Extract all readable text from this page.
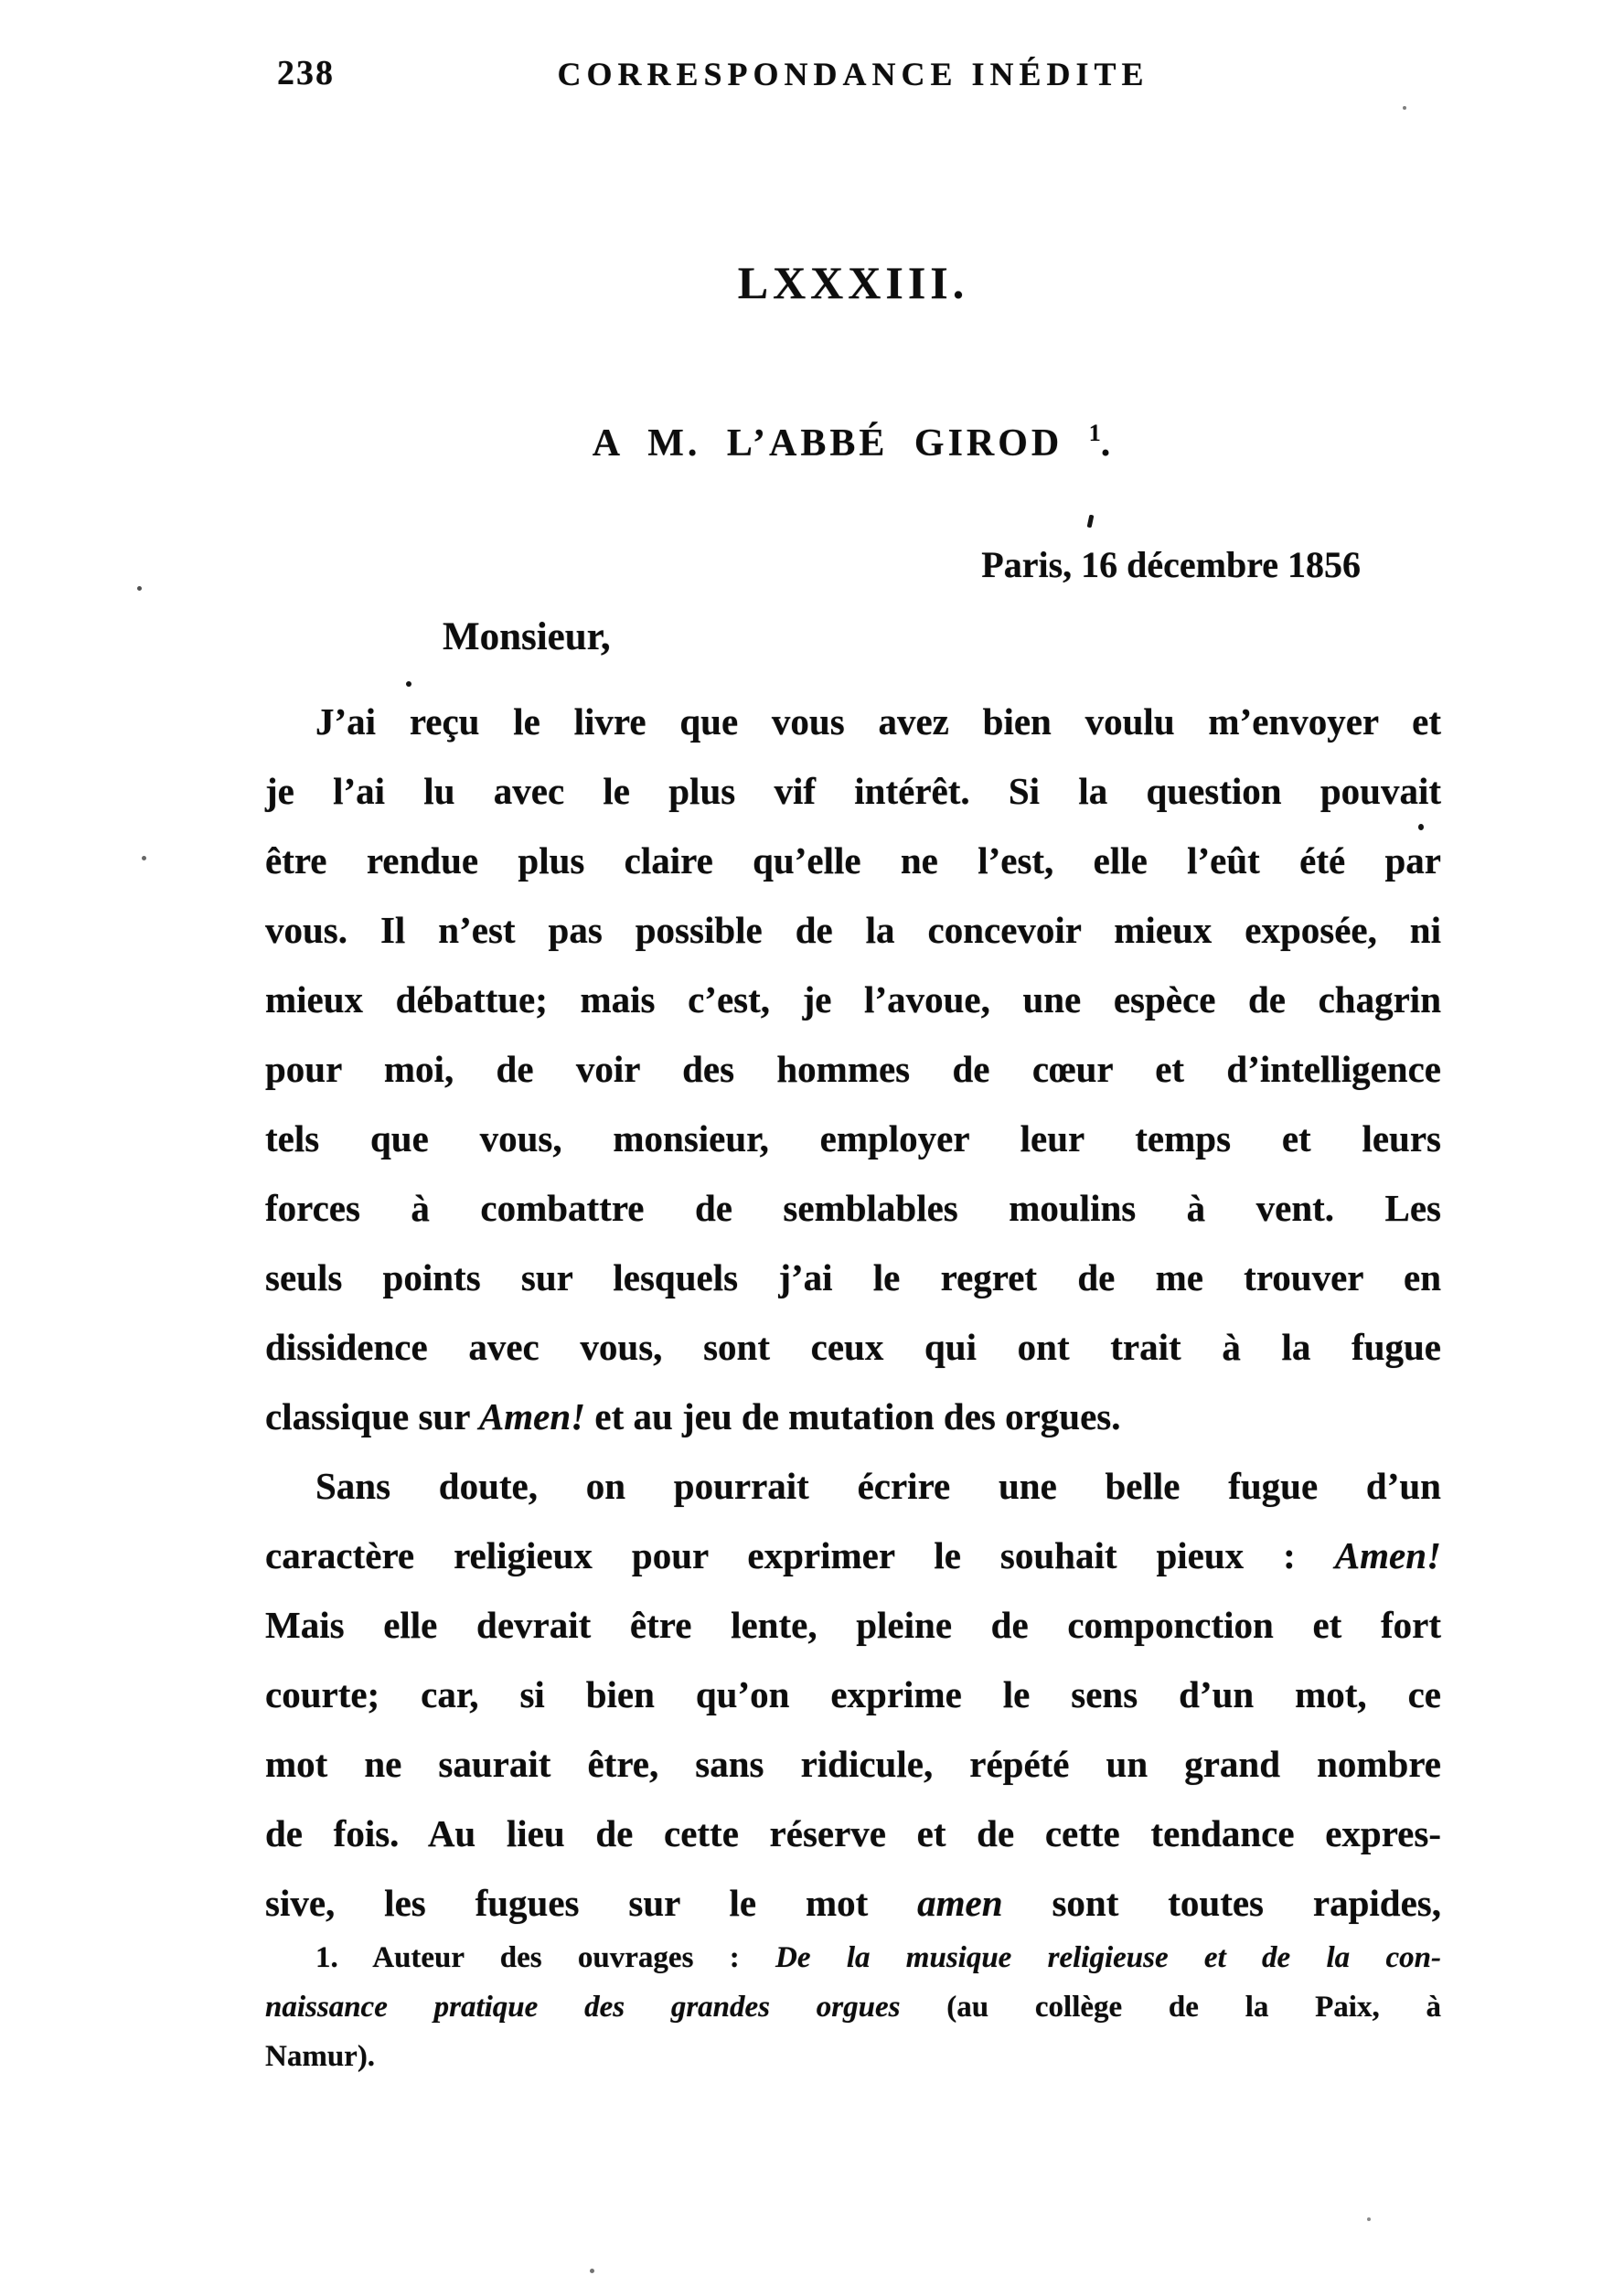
238	CORRESPONDANCE INÉDITE
LXXXIII.
A M. L’ABBÉ GIROD $^1$.
Paris, 16 décembre 1856
Monsieur,
J’ai reçu le livre que vous avez bien voulu m’envoyer et
je l’ai lu avec le plus vif intérêt. Si la question pouvait
être rendue plus claire qu’elle ne l’est, elle l’eût été par
vous. Il n’est pas possible de la concevoir mieux exposée, ni
mieux débattue; mais c’est, je l’avoue, une espèce de chagrin
pour moi, de voir des hommes de cœur et d’intelligence
tels que vous, monsieur, employer leur temps et leurs
forces à combattre de semblables moulins à vent. Les
seuls points sur lesquels j’ai le regret de me trouver en
dissidence avec vous, sont ceux qui ont trait à la fugue
classique sur Amen! et au jeu de mutation des orgues.
Sans doute, on pourrait écrire une belle fugue d’un
caractère religieux pour exprimer le souhait pieux : Amen!
Mais elle devrait être lente, pleine de componction et fort
courte; car, si bien qu’on exprime le sens d’un mot, ce
mot ne saurait être, sans ridicule, répété un grand nombre
de fois. Au lieu de cette réserve et de cette tendance expres-
sive, les fugues sur le mot amen sont toutes rapides,
1. Auteur des ouvrages : De la musique religieuse et de la con-
naissance pratique des grandes orgues (au collège de la Paix, à
Namur).
